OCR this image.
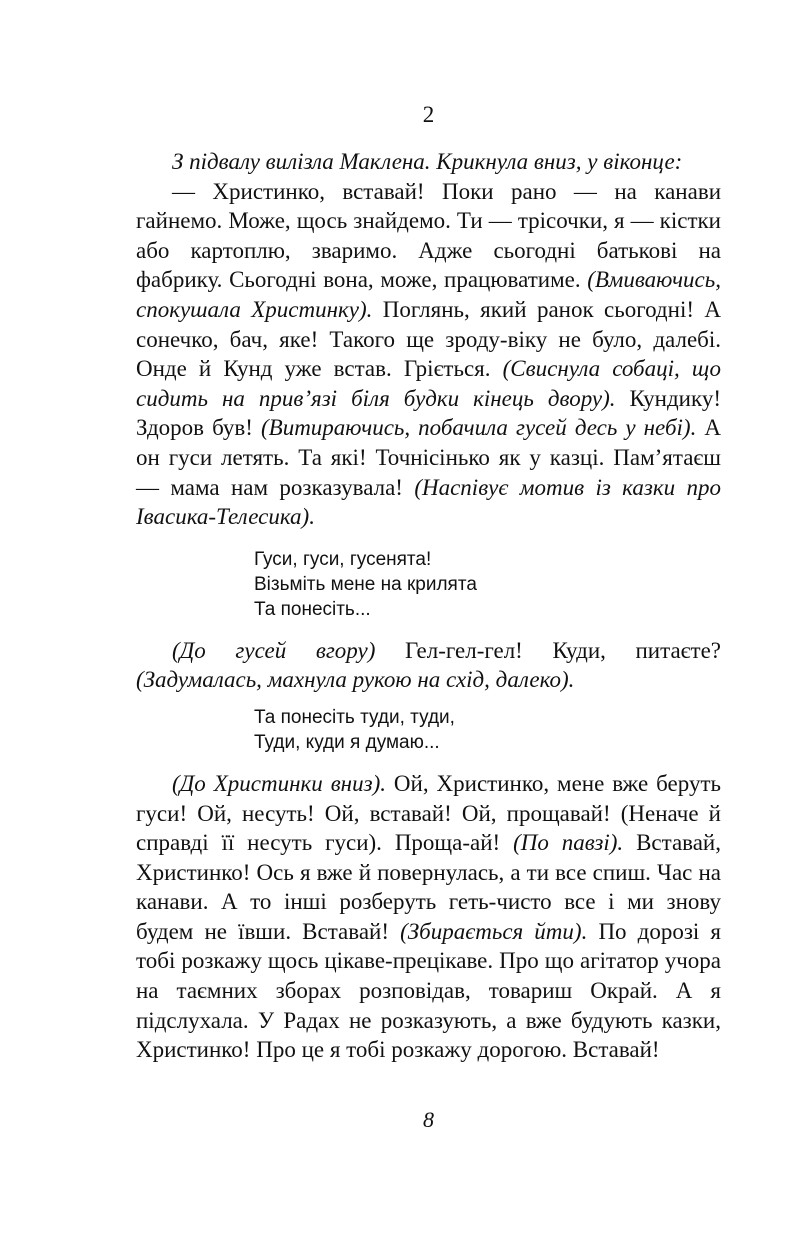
2

З підвалу вилізла Маклена. Крикнула вниз, у віконце:

— Христинко, вставай! Поки рано — на канави гайнемо. Може, щось знайдемо. Ти — трісочки, я — кістки або картоплю, зваримо. Адже сьогодні батькові на фабрику. Сьогодні вона, може, працюватиме. (Вмиваючись, спокушала Христинку). Поглянь, який ранок сьогодні! А сонечко, бач, яке! Такого ще зроду-віку не було, далебі. Онде й Кунд уже встав. Гріється. (Свиснула собаці, що сидить на прив’язі біля будки кінець двору). Кундику! Здоров був! (Витираючись, побачила гусей десь у небі). А он гуси летять. Та які! Точнісінько як у казці. Пам’ятаєш — мама нам розказувала! (Наспівує мотив із казки про Івасика-Телесика).

Гуси, гуси, гусенята!
Візьміть мене на крилята
Та понесіть...

(До гусей вгору) Гел-гел-гел! Куди, питаєте? (Задумалась, махнула рукою на схід, далеко).

Та понесіть туди, туди,
Туди, куди я думаю...

(До Христинки вниз). Ой, Христинко, мене вже беруть гуси! Ой, несуть! Ой, вставай! Ой, прощавай! (Неначе й справді її несуть гуси). Проща-ай! (По павзі). Вставай, Христинко! Ось я вже й повернулась, а ти все спиш. Час на канави. А то інші розберуть геть-чисто все і ми знову будем не ївши. Вставай! (Збирається йти). По дорозі я тобі розкажу щось цікаве-прецікаве. Про що агітатор учора на таємних зборах розповідав, товариш Окрай. А я підслухала. У Радах не розказують, а вже будують казки, Христинко! Про це я тобі розкажу дорогою. Вставай!

8
